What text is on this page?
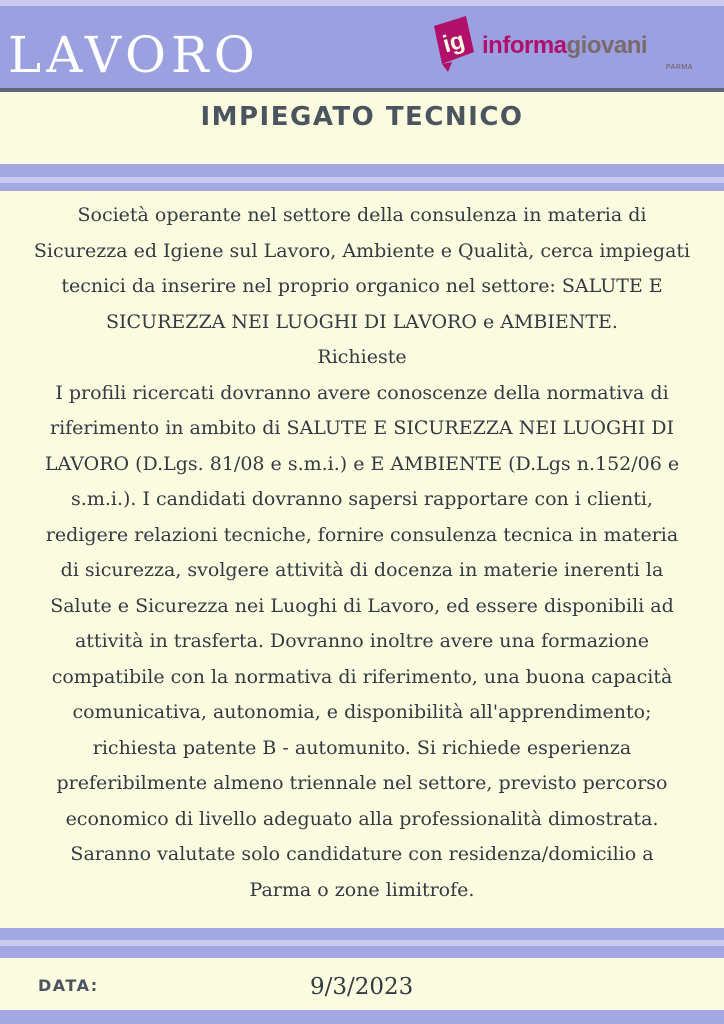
LAVORO	ig informagiovani
PARMA
IMPIEGATO TECNICO

Società operante nel settore della consulenza in materia di
Sicurezza ed Igiene sul Lavoro, Ambiente e Qualità, cerca impiegati
tecnici da inserire nel proprio organico nel settore: SALUTE E
SICUREZZA NEI LUOGHI DI LAVORO e AMBIENTE.
Richieste
I profili ricercati dovranno avere conoscenze della normativa di
riferimento in ambito di SALUTE E SICUREZZA NEI LUOGHI DI
LAVORO (D.Lgs. 81/08 e s.m.i.) e E AMBIENTE (D.Lgs n.152/06 e
s.m.i.). I candidati dovranno sapersi rapportare con i clienti,
redigere relazioni tecniche, fornire consulenza tecnica in materia
di sicurezza, svolgere attività di docenza in materie inerenti la
Salute e Sicurezza nei Luoghi di Lavoro, ed essere disponibili ad
attività in trasferta. Dovranno inoltre avere una formazione
compatibile con la normativa di riferimento, una buona capacità
comunicativa, autonomia, e disponibilità all'apprendimento;
richiesta patente B - automunito. Si richiede esperienza
preferibilmente almeno triennale nel settore, previsto percorso
economico di livello adeguato alla professionalità dimostrata.
Saranno valutate solo candidature con residenza/domicilio a
Parma o zone limitrofe.

DATA:	9/3/2023
